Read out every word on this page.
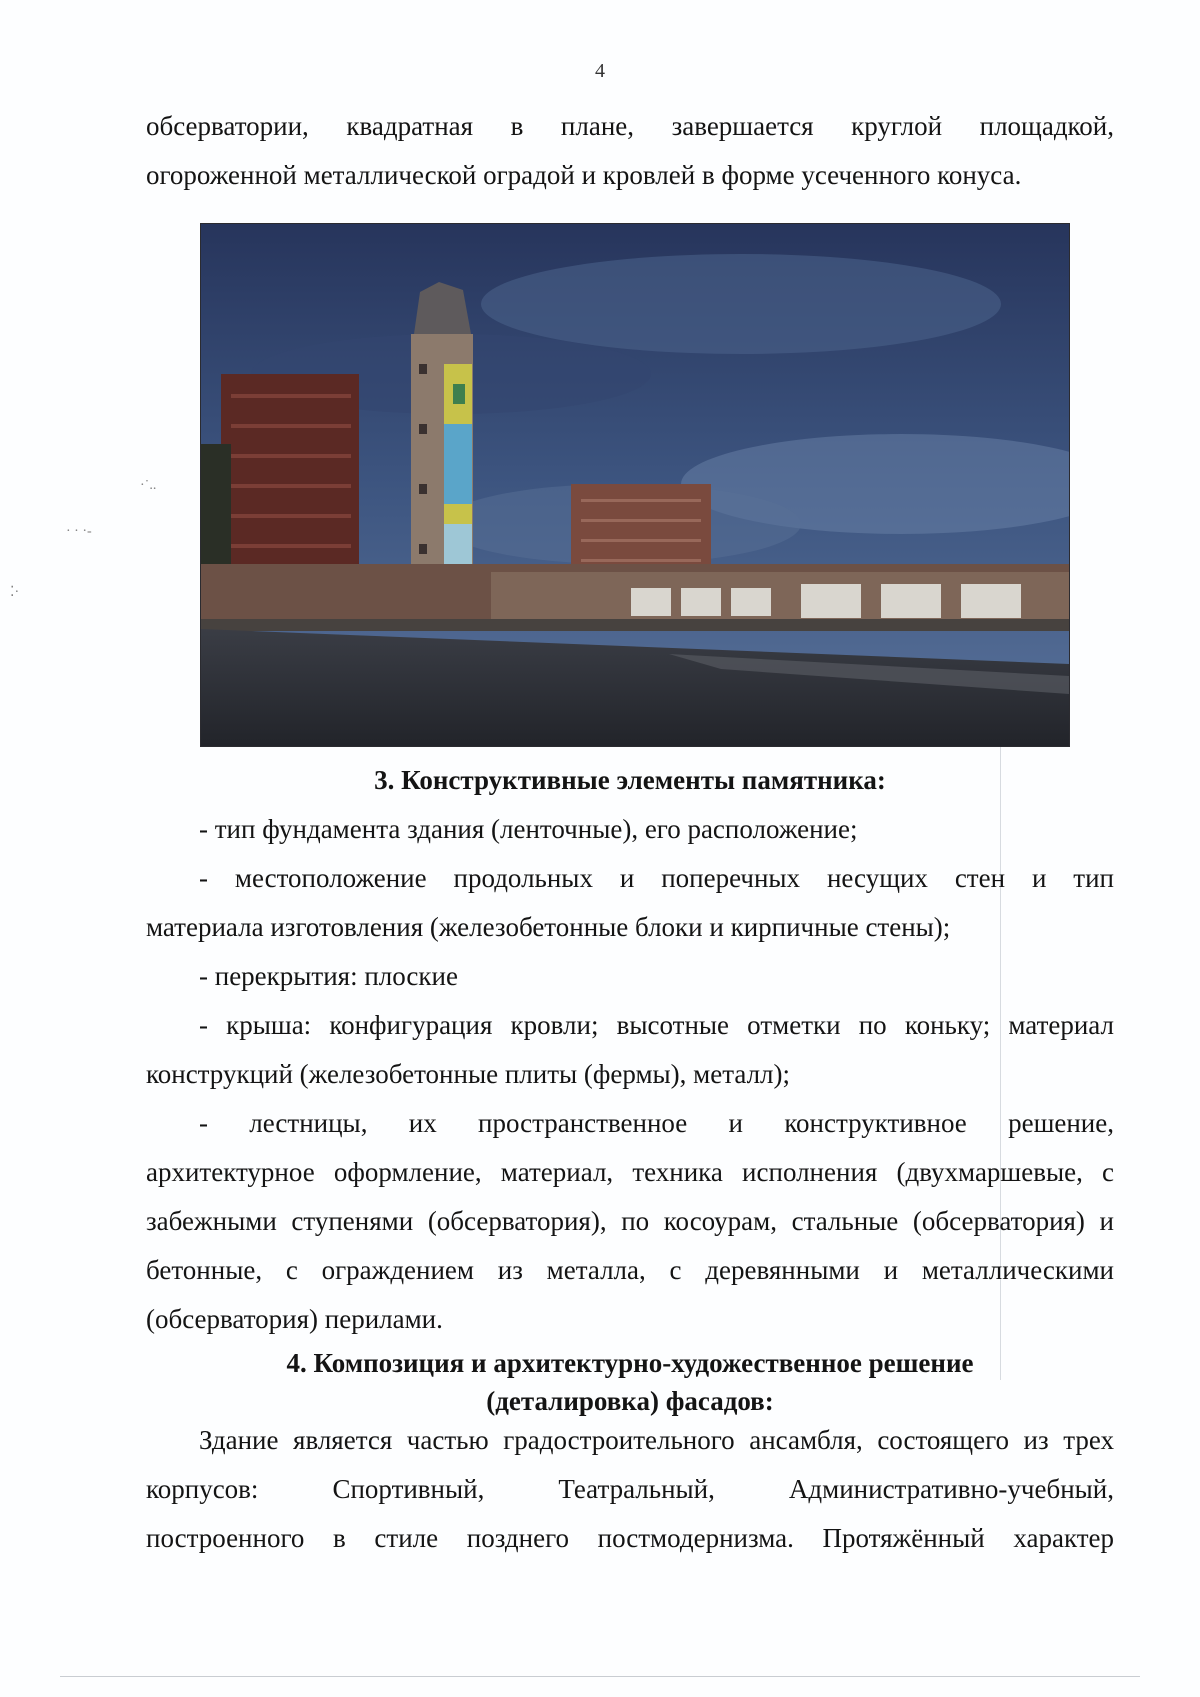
·˙..
· · ·‐
⁚·
4

обсерватории, квадратная в плане, завершается круглой площадкой,

огороженной металлической оградой и кровлей в форме усеченного конуса.

3. Конструктивные элементы памятника:

- тип фундамента здания (ленточные), его расположение;

- местоположение продольных и поперечных несущих стен и тип

материала изготовления (железобетонные блоки и кирпичные стены);

- перекрытия: плоские

- крыша: конфигурация кровли; высотные отметки по коньку; материал

конструкций (железобетонные плиты (фермы), металл);

- лестницы, их пространственное и конструктивное решение,

архитектурное оформление, материал, техника исполнения (двухмаршевые, с

забежными ступенями (обсерватория), по косоурам, стальные (обсерватория) и

бетонные, с ограждением из металла, с деревянными и металлическими

(обсерватория) перилами.

4. Композиция и архитектурно-художественное решение

(деталировка) фасадов:

Здание является частью градостроительного ансамбля, состоящего из трех

корпусов: Спортивный, Театральный, Административно-учебный,

построенного в стиле позднего постмодернизма. Протяжённый характер
